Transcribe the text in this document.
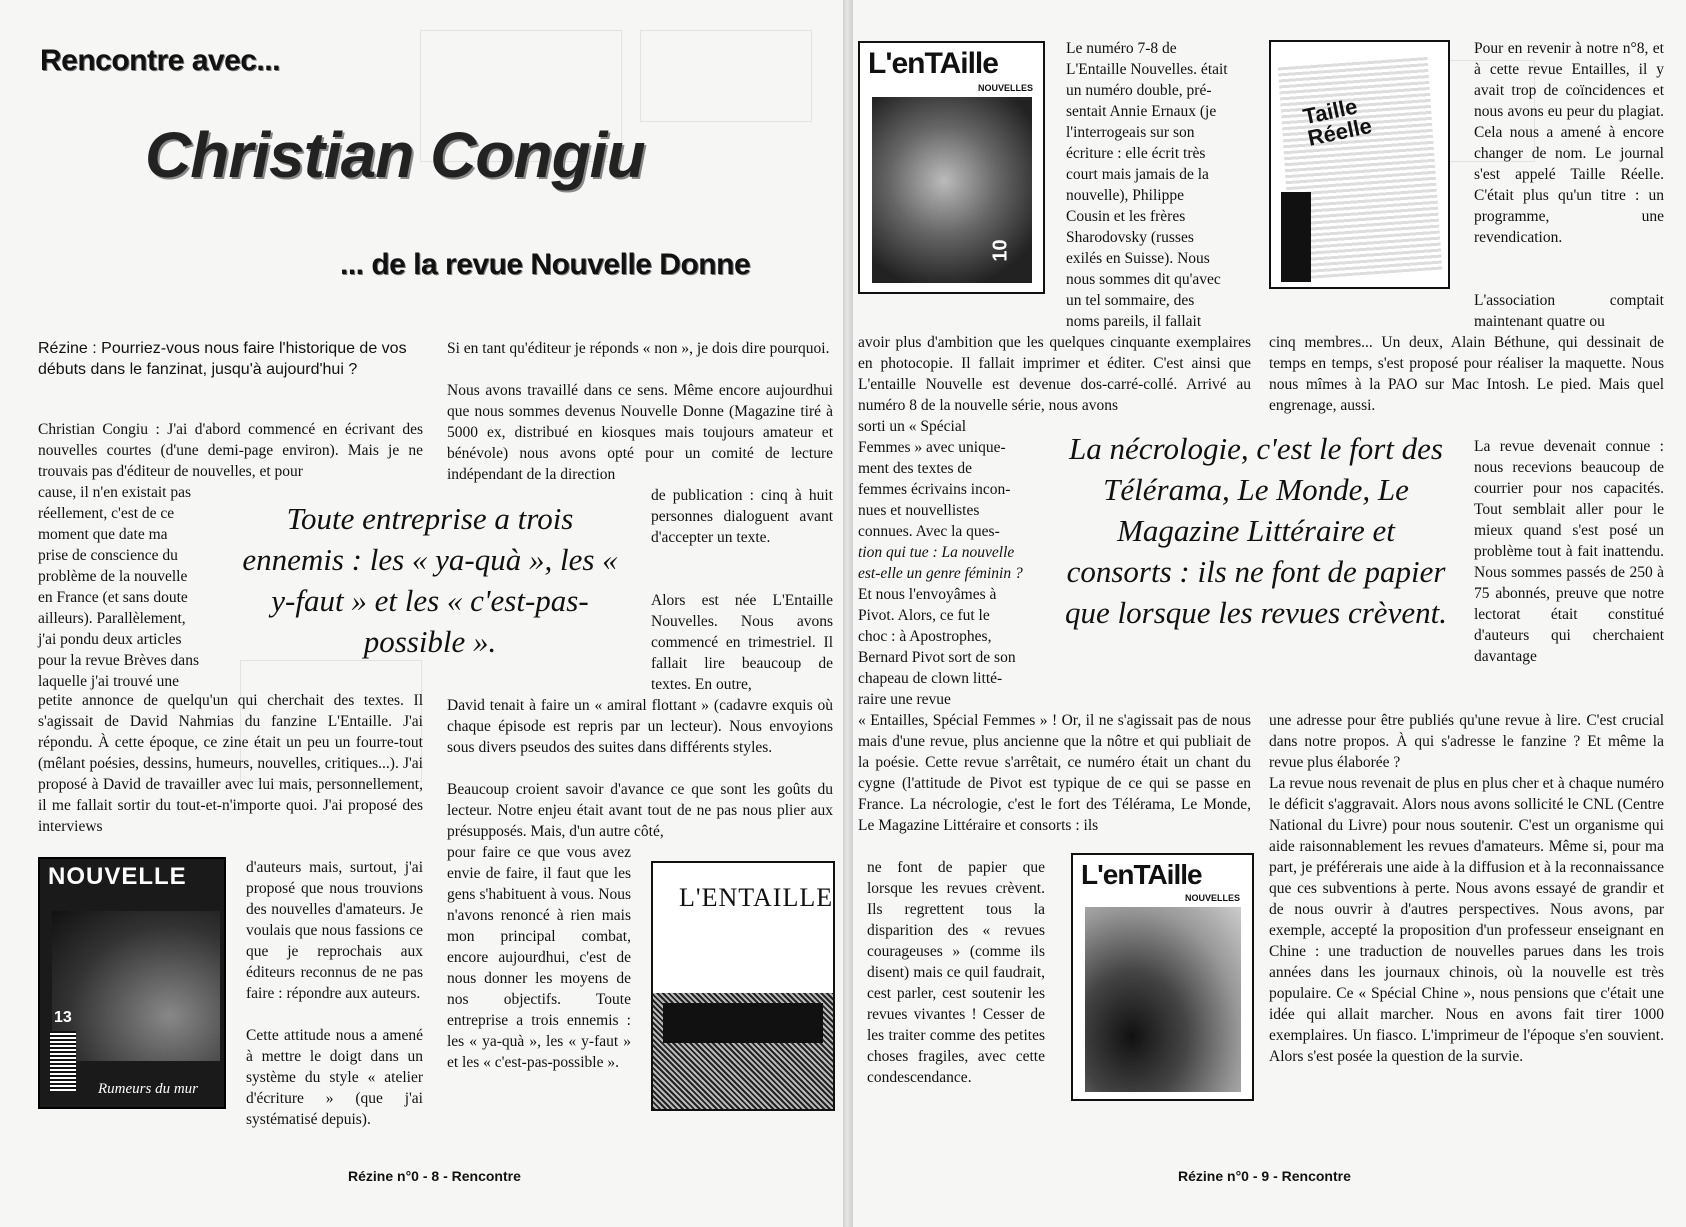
Rencontre avec...
Christian Congiu
... de la revue Nouvelle Donne
Rézine : Pourriez-vous nous faire l'historique de vos débuts dans le fanzinat, jusqu'à aujourd'hui ?
Christian Congiu : J'ai d'abord commencé en écrivant des nouvelles courtes (d'une demi-page environ). Mais je ne trouvais pas d'éditeur de nouvelles, et pour
cause, il n'en existait pas
réellement, c'est de ce
moment que date ma
prise de conscience du
problème de la nouvelle
en France (et sans doute
ailleurs). Parallèlement,
j'ai pondu deux articles
pour la revue Brèves dans
laquelle j'ai trouvé une
Toute entreprise a trois ennemis : les « ya-quà », les « y-faut » et les « c'est-pas-possible ».
petite annonce de quelqu'un qui cherchait des textes. Il s'agissait de David Nahmias du fanzine L'Entaille. J'ai répondu. À cette époque, ce zine était un peu un fourre-tout (mêlant poésies, dessins, humeurs, nouvelles, critiques...). J'ai proposé à David de travailler avec lui mais, personnellement, il me fallait sortir du tout-et-n'importe quoi. J'ai proposé des interviews
NOUVELLE
13
Rumeurs du mur
d'auteurs mais, surtout, j'ai proposé que nous trouvions des nouvelles d'amateurs. Je voulais que nous fassions ce que je reprochais aux éditeurs reconnus de ne pas faire : répondre aux auteurs.
Cette attitude nous a amené à mettre le doigt dans un système du style « atelier d'écriture » (que j'ai systématisé depuis).
Si en tant qu'éditeur je réponds « non », je dois dire pourquoi.
Nous avons travaillé dans ce sens. Même encore aujourdhui que nous sommes devenus Nouvelle Donne (Magazine tiré à 5000 ex, distribué en kiosques mais toujours amateur et bénévole) nous avons opté pour un comité de lecture indépendant de la direction
de publication : cinq à huit personnes dialoguent avant d'accepter un texte.
Alors est née L'Entaille Nouvelles. Nous avons commencé en trimestriel. Il fallait lire beaucoup de textes. En outre,
David tenait à faire un « amiral flottant » (cadavre exquis où chaque épisode est repris par un lecteur). Nous envoyions sous divers pseudos des suites dans différents styles.
Beaucoup croient savoir d'avance ce que sont les goûts du lecteur. Notre enjeu était avant tout de ne pas nous plier aux présupposés. Mais, d'un autre côté,
pour faire ce que vous avez envie de faire, il faut que les gens s'habituent à vous. Nous n'avons renoncé à rien mais mon principal combat, encore aujourdhui, c'est de nous donner les moyens de nos objectifs. Toute entreprise a trois ennemis : les « ya-quà », les « y-faut » et les « c'est-pas-possible ».
L'ENTAILLE
Rézine n°0 - 8 - Rencontre
L'enTAille
NOUVELLES
10
Le numéro 7-8 de
L'Entaille Nouvelles. était
un numéro double, pré-
sentait Annie Ernaux (je
l'interrogeais sur son
écriture : elle écrit très
court mais jamais de la
nouvelle), Philippe
Cousin et les frères
Sharodovsky (russes
exilés en Suisse). Nous
nous sommes dit qu'avec
un tel sommaire, des
noms pareils, il fallait
avoir plus d'ambition que les quelques cinquante exemplaires en photocopie. Il fallait imprimer et éditer. C'est ainsi que L'entaille Nouvelle est devenue dos-carré-collé. Arrivé au numéro 8 de la nouvelle série, nous avons
sorti un « Spécial
Femmes » avec unique-
ment des textes de
femmes écrivains incon-
nues et nouvellistes
connues. Avec la ques-
tion qui tue : La nouvelle
est-elle un genre féminin ?
Et nous l'envoyâmes à
Pivot. Alors, ce fut le
choc : à Apostrophes,
Bernard Pivot sort de son
chapeau de clown litté-
raire une revue
La nécrologie, c'est le fort des Télérama, Le Monde, Le Magazine Littéraire et consorts : ils ne font de papier que lorsque les revues crèvent.
« Entailles, Spécial Femmes » ! Or, il ne s'agissait pas de nous mais d'une revue, plus ancienne que la nôtre et qui publiait de la poésie. Cette revue s'arrêtait, ce numéro était un chant du cygne (l'attitude de Pivot est typique de ce qui se passe en France. La nécrologie, c'est le fort des Télérama, Le Monde, Le Magazine Littéraire et consorts : ils
ne font de papier que lorsque les revues crèvent. Ils regrettent tous la disparition des « revues courageuses » (comme ils disent) mais ce quil faudrait, cest parler, cest soutenir les revues vivantes ! Cesser de les traiter comme des petites choses fragiles, avec cette condescendance.
L'enTAille
NOUVELLES
Taille Réelle
Pour en revenir à notre n°8, et à cette revue Entailles, il y avait trop de coïncidences et nous avons eu peur du plagiat. Cela nous a amené à encore changer de nom. Le journal s'est appelé Taille Réelle. C'était plus qu'un titre : un programme, une revendication.
L'association comptait maintenant quatre ou
cinq membres... Un deux, Alain Béthune, qui dessinait de temps en temps, s'est proposé pour réaliser la maquette. Nous nous mîmes à la PAO sur Mac Intosh. Le pied. Mais quel engrenage, aussi.
La revue devenait connue : nous recevions beaucoup de courrier pour nos capacités. Tout semblait aller pour le mieux quand s'est posé un problème tout à fait inattendu. Nous sommes passés de 250 à 75 abonnés, preuve que notre lectorat était constitué d'auteurs qui cherchaient davantage
une adresse pour être publiés qu'une revue à lire. C'est crucial dans notre propos. À qui s'adresse le fanzine ? Et même la revue plus élaborée ?
La revue nous revenait de plus en plus cher et à chaque numéro le déficit s'aggravait. Alors nous avons sollicité le CNL (Centre National du Livre) pour nous soutenir. C'est un organisme qui aide raisonnablement les revues d'amateurs. Même si, pour ma part, je préférerais une aide à la diffusion et à la reconnaissance que ces subventions à perte. Nous avons essayé de grandir et de nous ouvrir à d'autres perspectives. Nous avons, par exemple, accepté la proposition d'un professeur enseignant en Chine : une traduction de nouvelles parues dans les trois années dans les journaux chinois, où la nouvelle est très populaire. Ce « Spécial Chine », nous pensions que c'était une idée qui allait marcher. Nous en avons fait tirer 1000 exemplaires. Un fiasco. L'imprimeur de l'époque s'en souvient. Alors s'est posée la question de la survie.
Rézine n°0 - 9 - Rencontre
